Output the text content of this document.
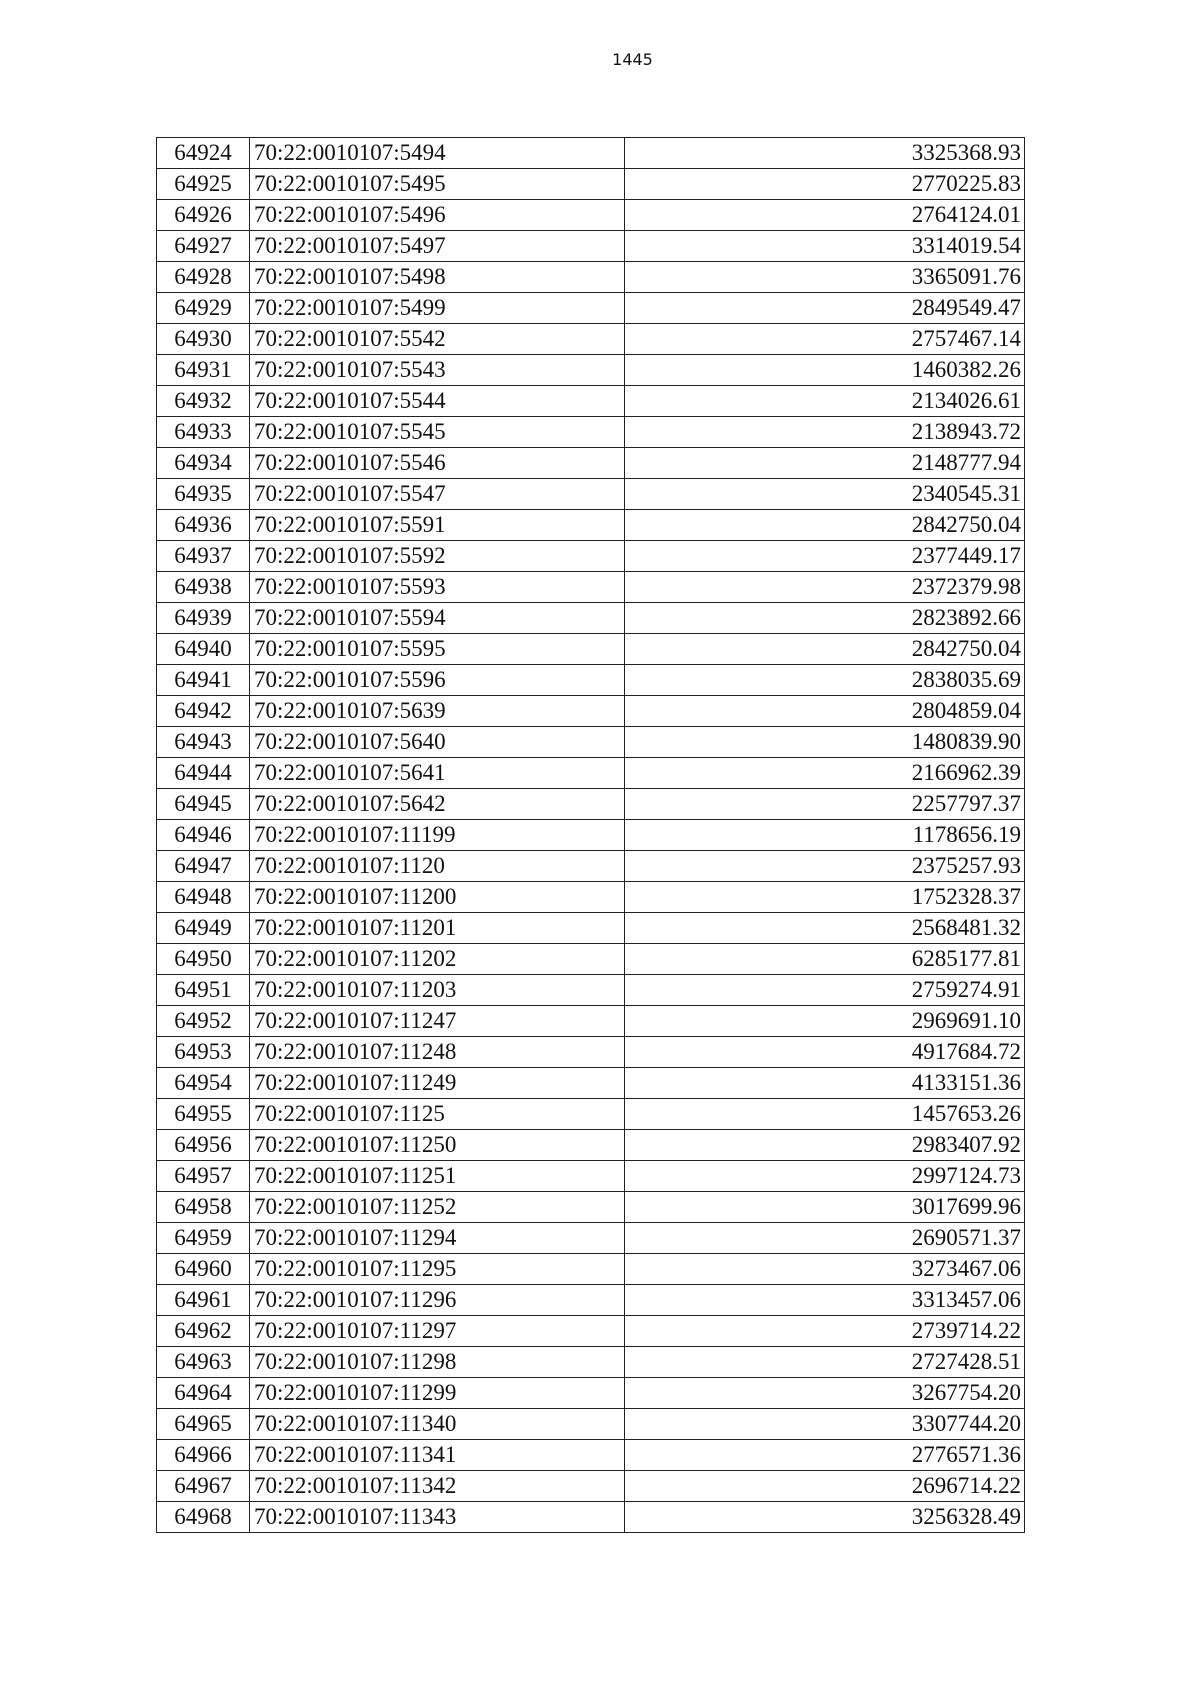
1445
64924	70:22:0010107:5494	3325368.93
64925	70:22:0010107:5495	2770225.83
64926	70:22:0010107:5496	2764124.01
64927	70:22:0010107:5497	3314019.54
64928	70:22:0010107:5498	3365091.76
64929	70:22:0010107:5499	2849549.47
64930	70:22:0010107:5542	2757467.14
64931	70:22:0010107:5543	1460382.26
64932	70:22:0010107:5544	2134026.61
64933	70:22:0010107:5545	2138943.72
64934	70:22:0010107:5546	2148777.94
64935	70:22:0010107:5547	2340545.31
64936	70:22:0010107:5591	2842750.04
64937	70:22:0010107:5592	2377449.17
64938	70:22:0010107:5593	2372379.98
64939	70:22:0010107:5594	2823892.66
64940	70:22:0010107:5595	2842750.04
64941	70:22:0010107:5596	2838035.69
64942	70:22:0010107:5639	2804859.04
64943	70:22:0010107:5640	1480839.90
64944	70:22:0010107:5641	2166962.39
64945	70:22:0010107:5642	2257797.37
64946	70:22:0010107:11199	1178656.19
64947	70:22:0010107:1120	2375257.93
64948	70:22:0010107:11200	1752328.37
64949	70:22:0010107:11201	2568481.32
64950	70:22:0010107:11202	6285177.81
64951	70:22:0010107:11203	2759274.91
64952	70:22:0010107:11247	2969691.10
64953	70:22:0010107:11248	4917684.72
64954	70:22:0010107:11249	4133151.36
64955	70:22:0010107:1125	1457653.26
64956	70:22:0010107:11250	2983407.92
64957	70:22:0010107:11251	2997124.73
64958	70:22:0010107:11252	3017699.96
64959	70:22:0010107:11294	2690571.37
64960	70:22:0010107:11295	3273467.06
64961	70:22:0010107:11296	3313457.06
64962	70:22:0010107:11297	2739714.22
64963	70:22:0010107:11298	2727428.51
64964	70:22:0010107:11299	3267754.20
64965	70:22:0010107:11340	3307744.20
64966	70:22:0010107:11341	2776571.36
64967	70:22:0010107:11342	2696714.22
64968	70:22:0010107:11343	3256328.49
